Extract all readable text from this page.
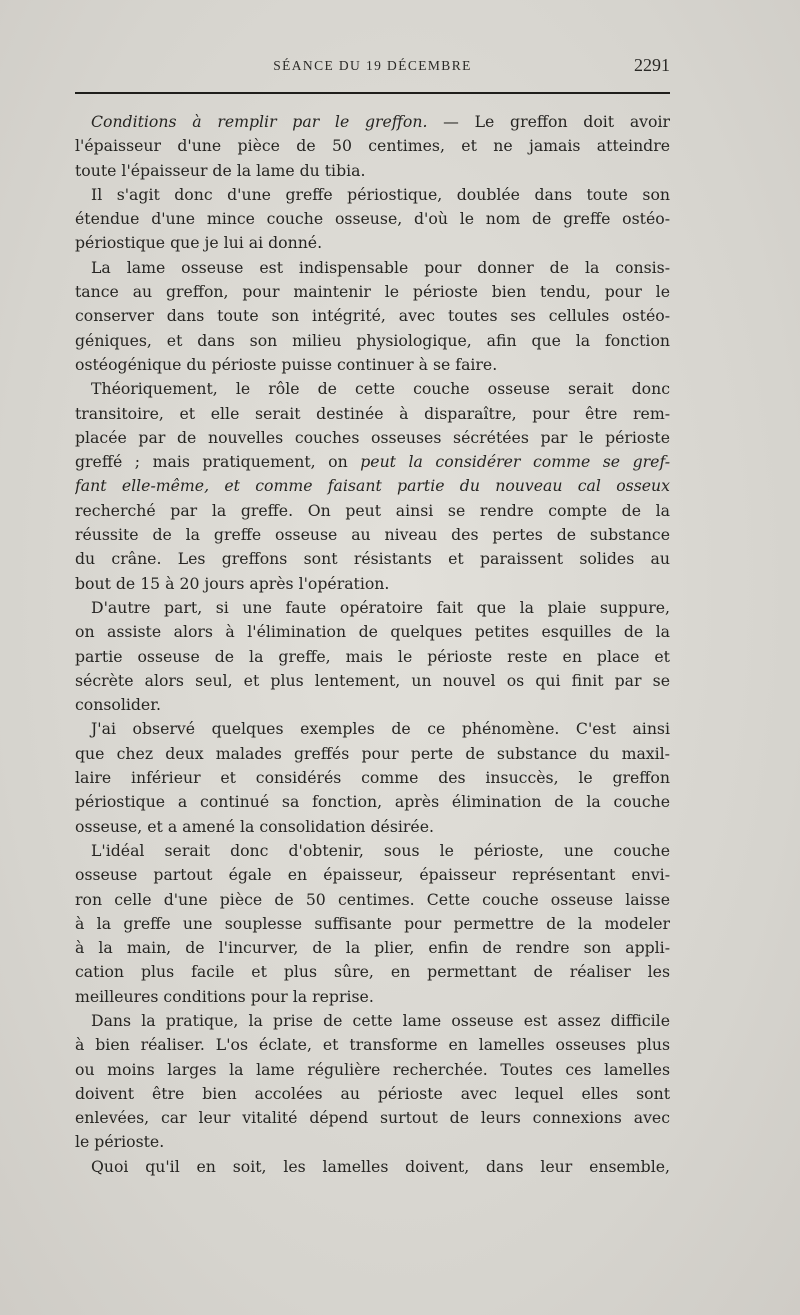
SÉANCE DU 19 DÉCEMBRE	2291
Conditions à remplir par le greffon. — Le greffon doit avoir
l'épaisseur d'une pièce de 50 centimes, et ne jamais atteindre
toute l'épaisseur de la lame du tibia.
Il s'agit donc d'une greffe périostique, doublée dans toute son
étendue d'une mince couche osseuse, d'où le nom de greffe ostéo-
périostique que je lui ai donné.
La lame osseuse est indispensable pour donner de la consis-
tance au greffon, pour maintenir le périoste bien tendu, pour le
conserver dans toute son intégrité, avec toutes ses cellules ostéo-
géniques, et dans son milieu physiologique, afin que la fonction
ostéogénique du périoste puisse continuer à se faire.
Théoriquement, le rôle de cette couche osseuse serait donc
transitoire, et elle serait destinée à disparaître, pour être rem-
placée par de nouvelles couches osseuses sécrétées par le périoste
greffé ; mais pratiquement, on peut la considérer comme se gref-
fant elle-même, et comme faisant partie du nouveau cal osseux
recherché par la greffe. On peut ainsi se rendre compte de la
réussite de la greffe osseuse au niveau des pertes de substance
du crâne. Les greffons sont résistants et paraissent solides au
bout de 15 à 20 jours après l'opération.
D'autre part, si une faute opératoire fait que la plaie suppure,
on assiste alors à l'élimination de quelques petites esquilles de la
partie osseuse de la greffe, mais le périoste reste en place et
sécrète alors seul, et plus lentement, un nouvel os qui finit par se
consolider.
J'ai observé quelques exemples de ce phénomène. C'est ainsi
que chez deux malades greffés pour perte de substance du maxil-
laire inférieur et considérés comme des insuccès, le greffon
périostique a continué sa fonction, après élimination de la couche
osseuse, et a amené la consolidation désirée.
L'idéal serait donc d'obtenir, sous le périoste, une couche
osseuse partout égale en épaisseur, épaisseur représentant envi-
ron celle d'une pièce de 50 centimes. Cette couche osseuse laisse
à la greffe une souplesse suffisante pour permettre de la modeler
à la main, de l'incurver, de la plier, enfin de rendre son appli-
cation plus facile et plus sûre, en permettant de réaliser les
meilleures conditions pour la reprise.
Dans la pratique, la prise de cette lame osseuse est assez difficile
à bien réaliser. L'os éclate, et transforme en lamelles osseuses plus
ou moins larges la lame régulière recherchée. Toutes ces lamelles
doivent être bien accolées au périoste avec lequel elles sont
enlevées, car leur vitalité dépend surtout de leurs connexions avec
le périoste.
Quoi qu'il en soit, les lamelles doivent, dans leur ensemble,
